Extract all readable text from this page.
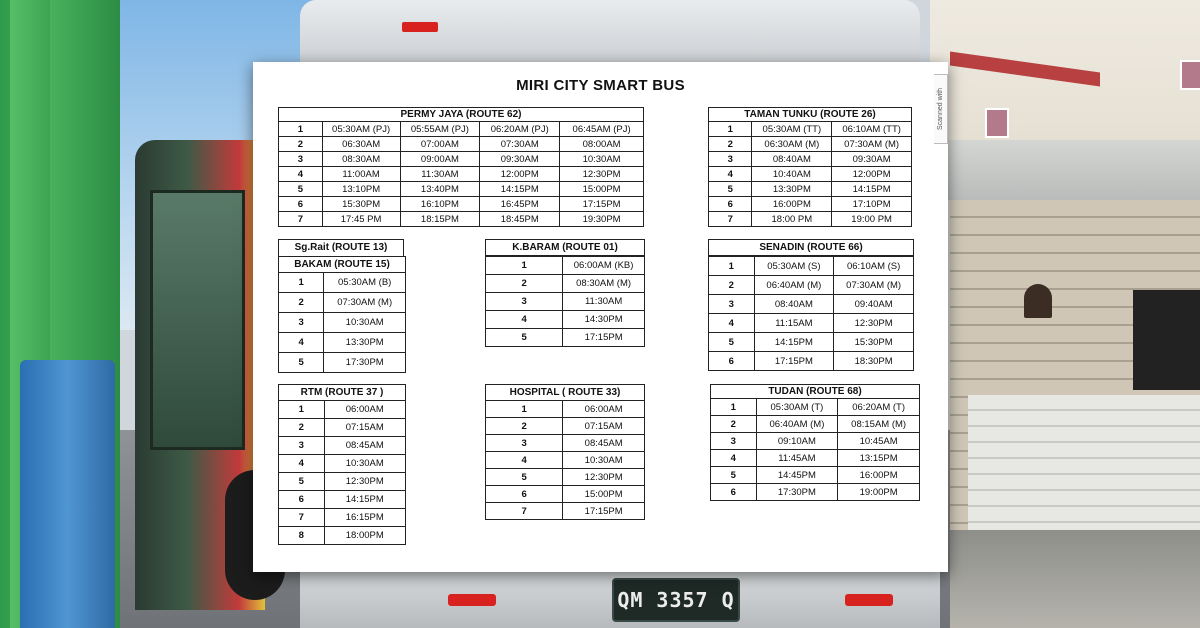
QM 3357 Q
MIRI CITY SMART BUS
Scanned with
PERMY JAYA (ROUTE 62)
1	05:30AM (PJ)	05:55AM (PJ)	06:20AM (PJ)	06:45AM (PJ)
2	06:30AM	07:00AM	07:30AM	08:00AM
3	08:30AM	09:00AM	09:30AM	10:30AM
4	11:00AM	11:30AM	12:00PM	12:30PM
5	13:10PM	13:40PM	14:15PM	15:00PM
6	15:30PM	16:10PM	16:45PM	17:15PM
7	17:45 PM	18:15PM	18:45PM	19:30PM
TAMAN TUNKU (ROUTE 26)
1	05:30AM (TT)	06:10AM (TT)
2	06:30AM (M)	07:30AM (M)
3	08:40AM	09:30AM
4	10:40AM	12:00PM
5	13:30PM	14:15PM
6	16:00PM	17:10PM
7	18:00 PM	19:00 PM
Sg.Rait (ROUTE 13)
BAKAM (ROUTE 15)
1	05:30AM (B)
2	07:30AM (M)
3	10:30AM
4	13:30PM
5	17:30PM
K.BARAM (ROUTE 01)
1	06:00AM (KB)
2	08:30AM (M)
3	11:30AM
4	14:30PM
5	17:15PM
SENADIN (ROUTE 66)
1	05:30AM (S)	06:10AM (S)
2	06:40AM (M)	07:30AM (M)
3	08:40AM	09:40AM
4	11:15AM	12:30PM
5	14:15PM	15:30PM
6	17:15PM	18:30PM
RTM (ROUTE 37 )
1	06:00AM
2	07:15AM
3	08:45AM
4	10:30AM
5	12:30PM
6	14:15PM
7	16:15PM
8	18:00PM
HOSPITAL ( ROUTE 33)
1	06:00AM
2	07:15AM
3	08:45AM
4	10:30AM
5	12:30PM
6	15:00PM
7	17:15PM
TUDAN (ROUTE 68)
1	05:30AM (T)	06:20AM (T)
2	06:40AM (M)	08:15AM (M)
3	09:10AM	10:45AM
4	11:45AM	13:15PM
5	14:45PM	16:00PM
6	17:30PM	19:00PM
